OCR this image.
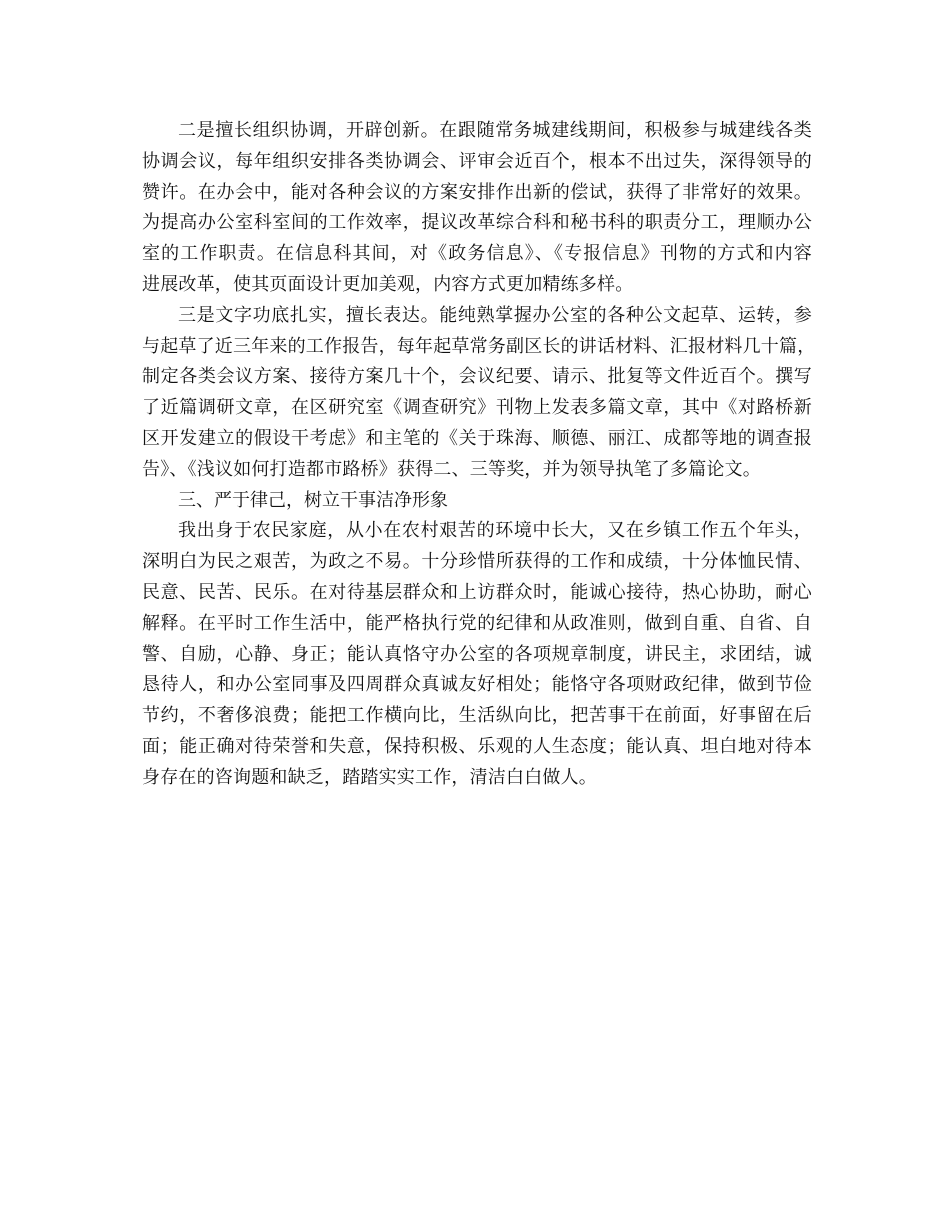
二是擅长组织协调，开辟创新。在跟随常务城建线期间，积极参与城建线各类
协调会议，每年组织安排各类协调会、评审会近百个，根本不出过失，深得领导的
赞许。在办会中，能对各种会议的方案安排作出新的偿试，获得了非常好的效果。
为提高办公室科室间的工作效率，提议改革综合科和秘书科的职责分工，理顺办公
室的工作职责。在信息科其间，对《政务信息》、《专报信息》刊物的方式和内容
进展改革，使其页面设计更加美观，内容方式更加精练多样。
三是文字功底扎实，擅长表达。能纯熟掌握办公室的各种公文起草、运转，参
与起草了近三年来的工作报告，每年起草常务副区长的讲话材料、汇报材料几十篇，
制定各类会议方案、接待方案几十个，会议纪要、请示、批复等文件近百个。撰写
了近篇调研文章，在区研究室《调查研究》刊物上发表多篇文章，其中《对路桥新
区开发建立的假设干考虑》和主笔的《关于珠海、顺德、丽江、成都等地的调查报
告》、《浅议如何打造都市路桥》获得二、三等奖，并为领导执笔了多篇论文。
三、严于律己，树立干事洁净形象
我出身于农民家庭，从小在农村艰苦的环境中长大，又在乡镇工作五个年头，
深明白为民之艰苦，为政之不易。十分珍惜所获得的工作和成绩，十分体恤民情、
民意、民苦、民乐。在对待基层群众和上访群众时，能诚心接待，热心协助，耐心
解释。在平时工作生活中，能严格执行党的纪律和从政准则，做到自重、自省、自
警、自励，心静、身正；能认真恪守办公室的各项规章制度，讲民主，求团结，诚
恳待人，和办公室同事及四周群众真诚友好相处；能恪守各项财政纪律，做到节俭
节约，不奢侈浪费；能把工作横向比，生活纵向比，把苦事干在前面，好事留在后
面；能正确对待荣誉和失意，保持积极、乐观的人生态度；能认真、坦白地对待本
身存在的咨询题和缺乏，踏踏实实工作，清洁白白做人。
